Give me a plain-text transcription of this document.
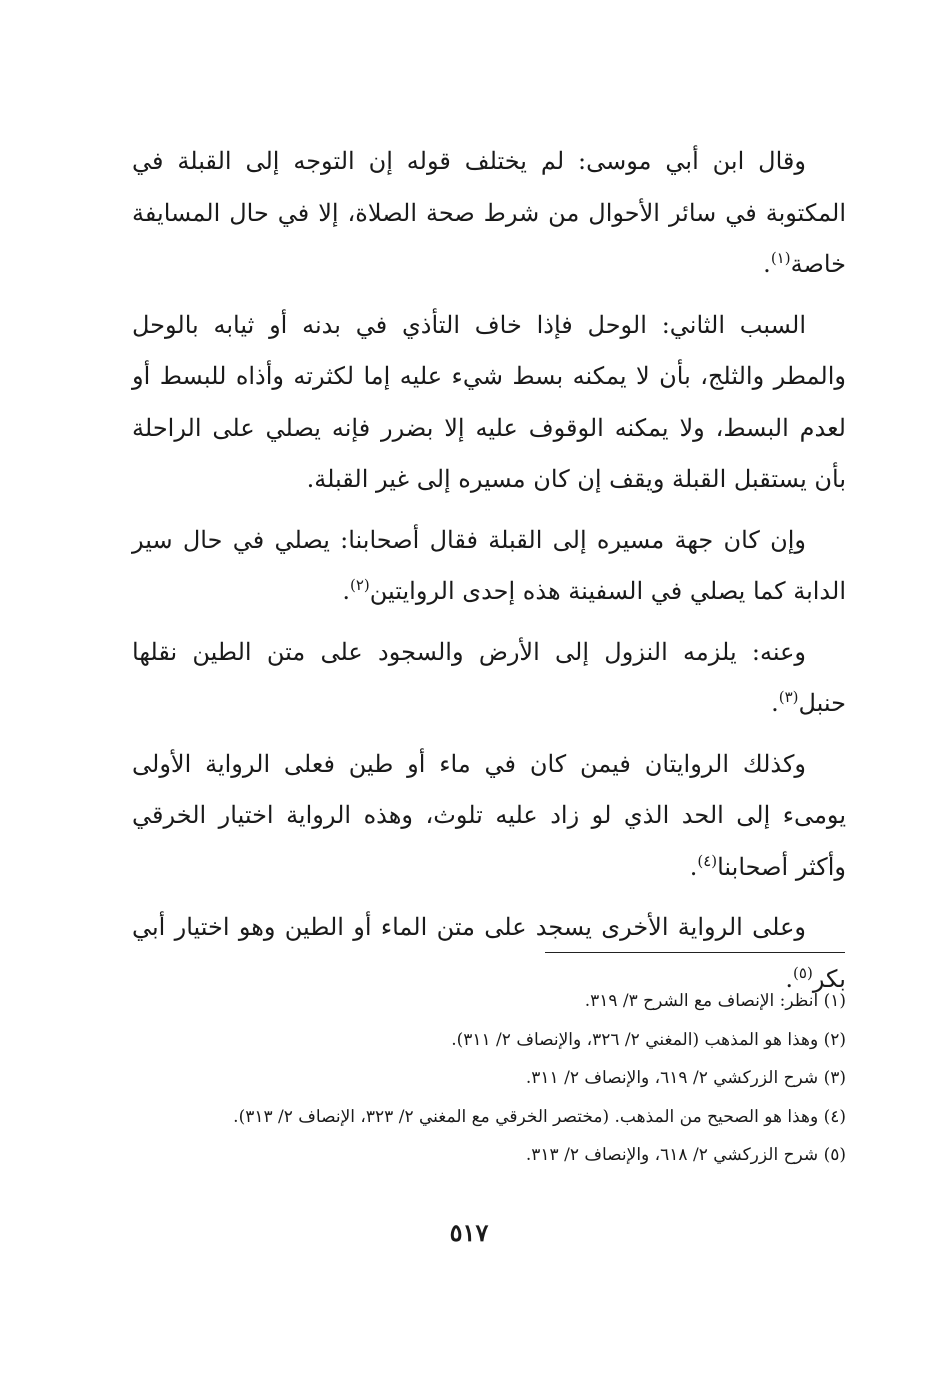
وقال ابن أبي موسى: لم يختلف قوله إن التوجه إلى القبلة في المكتوبة في سائر الأحوال من شرط صحة الصلاة، إلا في حال المسايفة خاصة$^{(١)}$.

السبب الثاني: الوحل فإذا خاف التأذي في بدنه أو ثيابه بالوحل والمطر والثلج، بأن لا يمكنه بسط شيء عليه إما لكثرته وأذاه للبسط أو لعدم البسط، ولا يمكنه الوقوف عليه إلا بضرر فإنه يصلي على الراحلة بأن يستقبل القبلة ويقف إن كان مسيره إلى غير القبلة.

وإن كان جهة مسيره إلى القبلة فقال أصحابنا: يصلي في حال سير الدابة كما يصلي في السفينة هذه إحدى الروايتين$^{(٢)}$.

وعنه: يلزمه النزول إلى الأرض والسجود على متن الطين نقلها حنبل$^{(٣)}$.

وكذلك الروايتان فيمن كان في ماء أو طين فعلى الرواية الأولى يومىء إلى الحد الذي لو زاد عليه تلوث، وهذه الرواية اختيار الخرقي وأكثر أصحابنا$^{(٤)}$.

وعلى الرواية الأخرى يسجد على متن الماء أو الطين وهو اختيار أبي بكر$^{(٥)}$.

(١) انظر: الإنصاف مع الشرح ٣/ ٣١٩.

(٢) وهذا هو المذهب (المغني ٢/ ٣٢٦، والإنصاف ٢/ ٣١١).

(٣) شرح الزركشي ٢/ ٦١٩، والإنصاف ٢/ ٣١١.

(٤) وهذا هو الصحيح من المذهب. (مختصر الخرقي مع المغني ٢/ ٣٢٣، الإنصاف ٢/ ٣١٣).

(٥) شرح الزركشي ٢/ ٦١٨، والإنصاف ٢/ ٣١٣.

٥١٧
